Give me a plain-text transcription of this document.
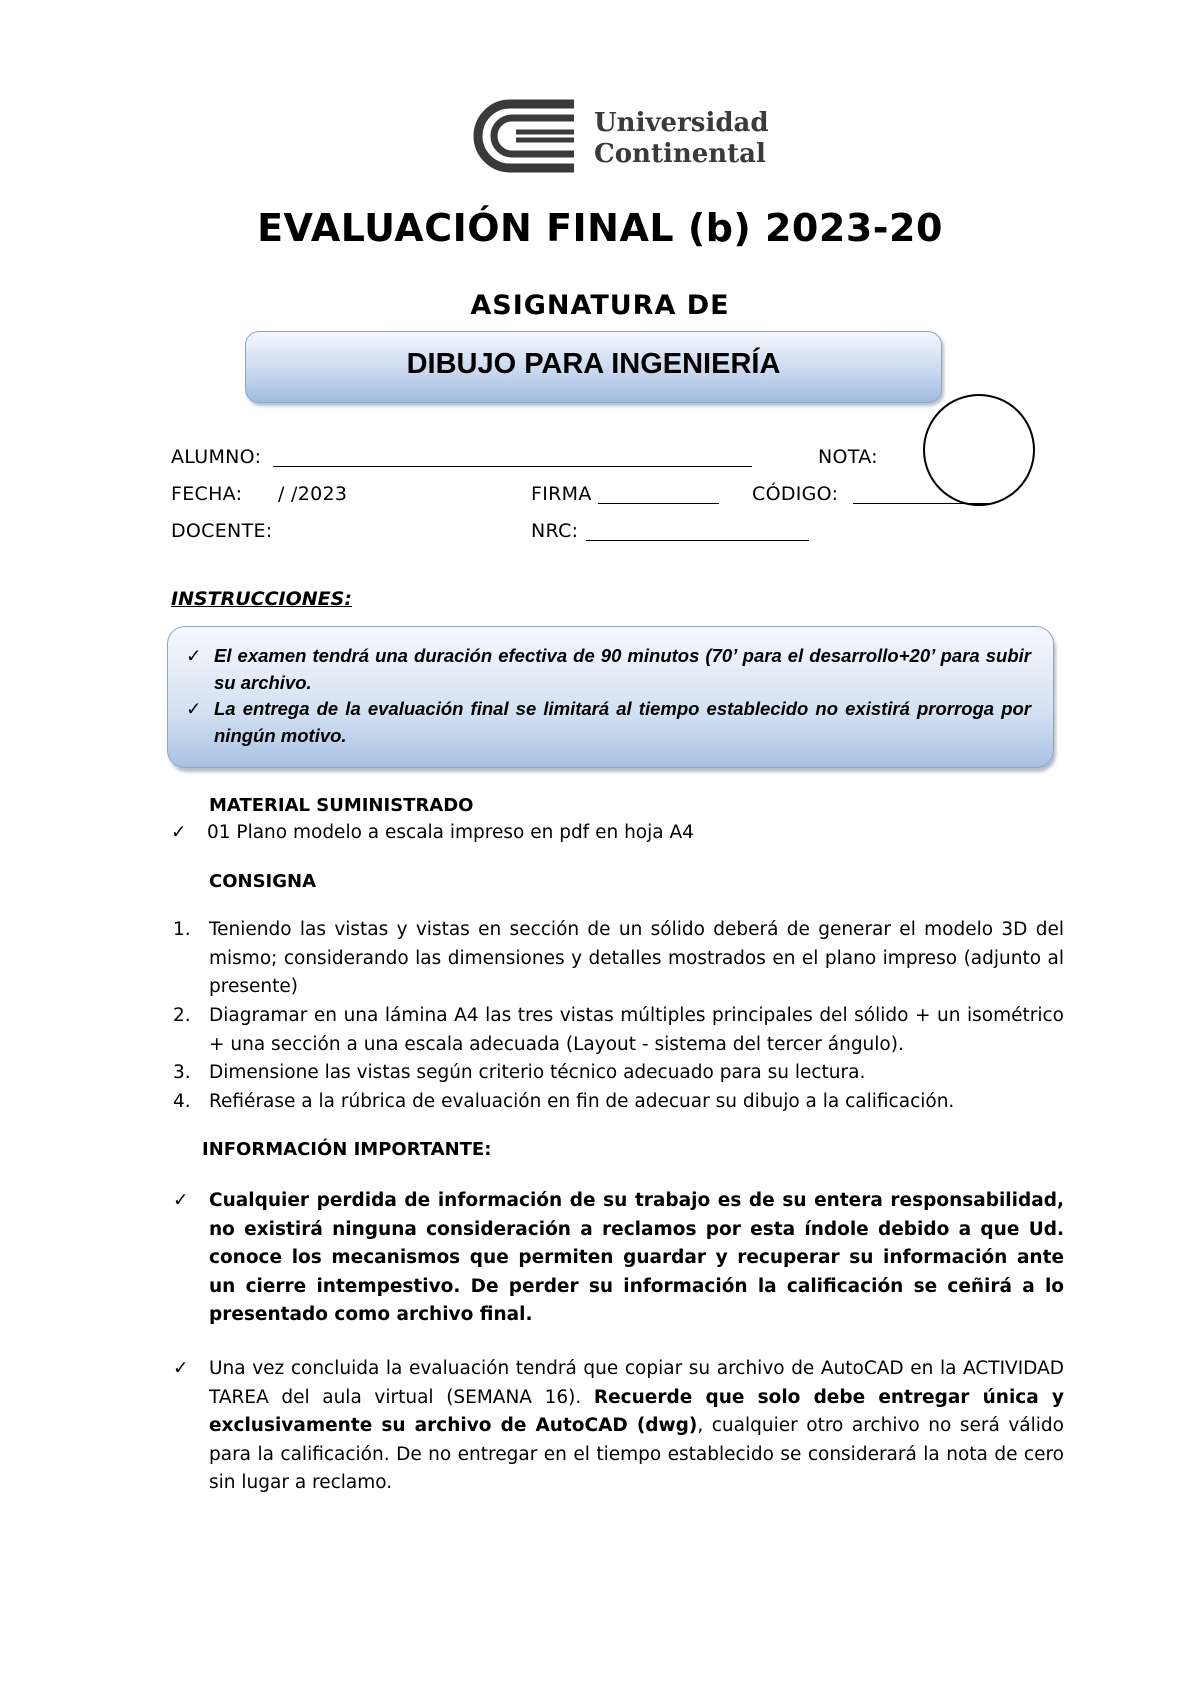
Universidad
Continental
EVALUACIÓN FINAL (b) 2023-20
ASIGNATURA DE
DIBUJO PARA INGENIERÍA
ALUMNO:	NOTA:
FECHA: / /2023	FIRMA	CÓDIGO:
DOCENTE:	NRC:
INSTRUCCIONES:
✓ El examen tendrá una duración efectiva de 90 minutos (70’ para el desarrollo+20’ para subir su archivo.
✓ La entrega de la evaluación final se limitará al tiempo establecido no existirá prorroga por ningún motivo.
MATERIAL SUMINISTRADO
✓ 01 Plano modelo a escala impreso en pdf en hoja A4
CONSIGNA
1. Teniendo las vistas y vistas en sección de un sólido deberá de generar el modelo 3D del mismo; considerando las dimensiones y detalles mostrados en el plano impreso (adjunto al presente)
2. Diagramar en una lámina A4 las tres vistas múltiples principales del sólido + un isométrico + una sección a una escala adecuada (Layout - sistema del tercer ángulo).
3. Dimensione las vistas según criterio técnico adecuado para su lectura.
4. Refiérase a la rúbrica de evaluación en fin de adecuar su dibujo a la calificación.
INFORMACIÓN IMPORTANTE:
✓ Cualquier perdida de información de su trabajo es de su entera responsabilidad, no existirá ninguna consideración a reclamos por esta índole debido a que Ud. conoce los mecanismos que permiten guardar y recuperar su información ante un cierre intempestivo. De perder su información la calificación se ceñirá a lo presentado como archivo final.
✓ Una vez concluida la evaluación tendrá que copiar su archivo de AutoCAD en la ACTIVIDAD TAREA del aula virtual (SEMANA 16). Recuerde que solo debe entregar única y exclusivamente su archivo de AutoCAD (dwg), cualquier otro archivo no será válido para la calificación. De no entregar en el tiempo establecido se considerará la nota de cero sin lugar a reclamo.
